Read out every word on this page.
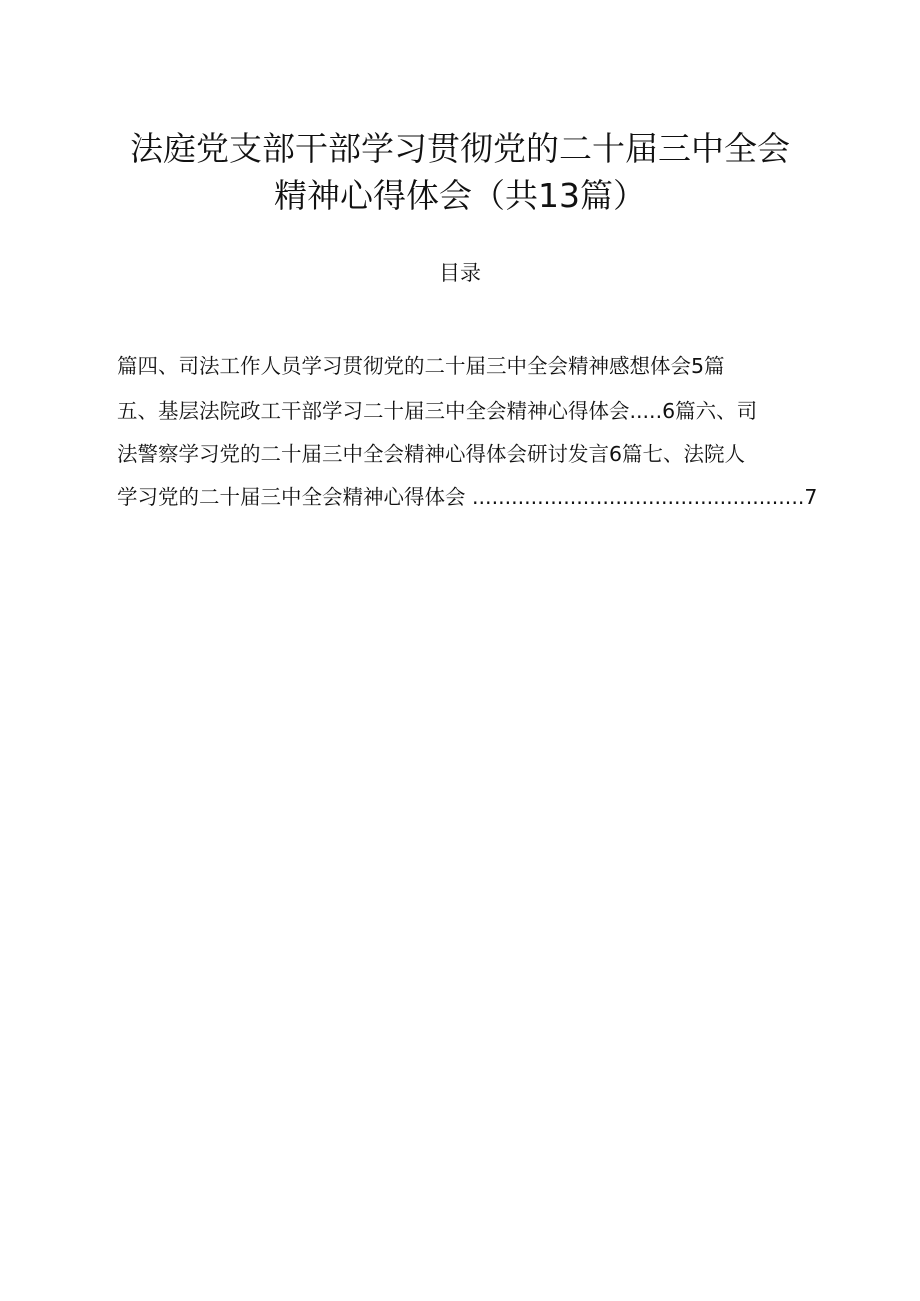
法庭党支部干部学习贯彻党的二十届三中全会
精神心得体会（共13篇）
目录
篇四、司法工作人员学习贯彻党的二十届三中全会精神感想体会5篇
五、基层法院政工干部学习二十届三中全会精神心得体会.....6篇六、司
法警察学习党的二十届三中全会精神心得体会研讨发言6篇七、法院人
学习党的二十届三中全会精神心得体会 ...................................................7
